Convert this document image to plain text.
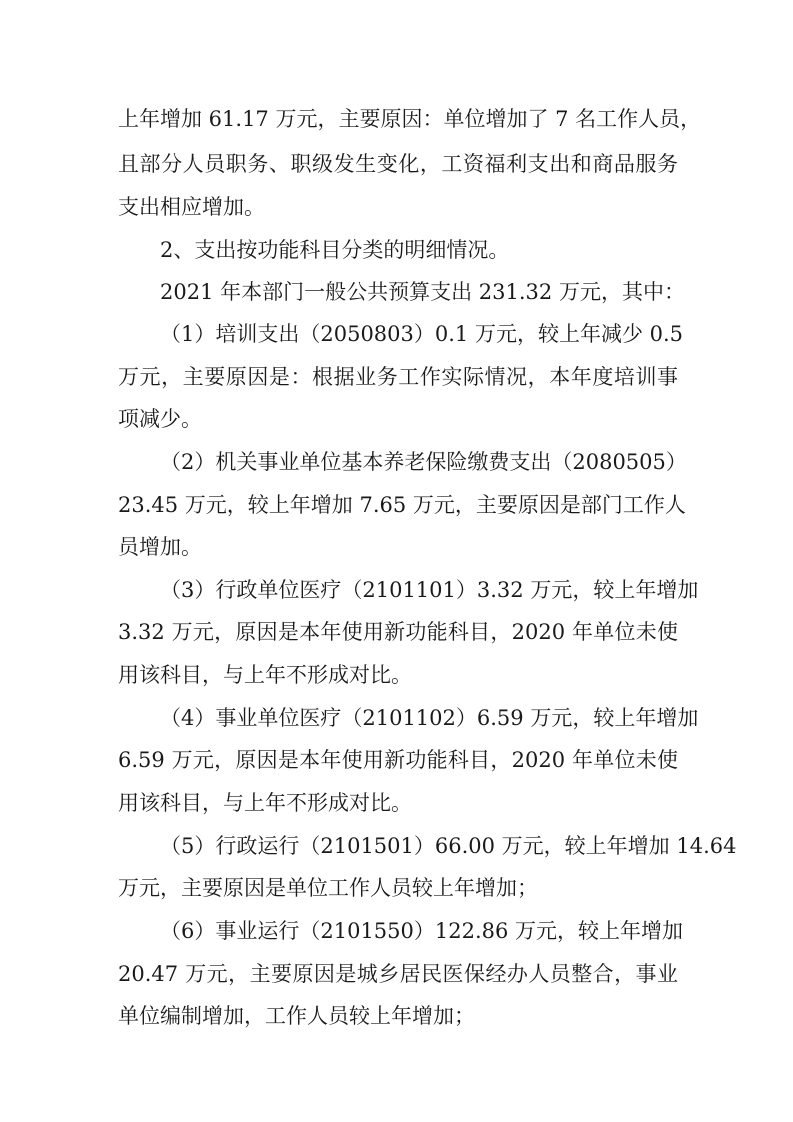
上年增加 61.17 万元，主要原因：单位增加了 7 名工作人员，
且部分人员职务、职级发生变化，工资福利支出和商品服务
支出相应增加。
2、支出按功能科目分类的明细情况。
2021 年本部门一般公共预算支出 231.32 万元，其中：
（1）培训支出（2050803）0.1 万元，较上年减少 0.5
万元，主要原因是：根据业务工作实际情况，本年度培训事
项减少。
（2）机关事业单位基本养老保险缴费支出（2080505）
23.45 万元，较上年增加 7.65 万元，主要原因是部门工作人
员增加。
（3）行政单位医疗（2101101）3.32 万元，较上年增加
3.32 万元，原因是本年使用新功能科目，2020 年单位未使
用该科目，与上年不形成对比。
（4）事业单位医疗（2101102）6.59 万元，较上年增加
6.59 万元，原因是本年使用新功能科目，2020 年单位未使
用该科目，与上年不形成对比。
（5）行政运行（2101501）66.00 万元，较上年增加 14.64
万元，主要原因是单位工作人员较上年增加；
（6）事业运行（2101550）122.86 万元，较上年增加
20.47 万元，主要原因是城乡居民医保经办人员整合，事业
单位编制增加，工作人员较上年增加；
